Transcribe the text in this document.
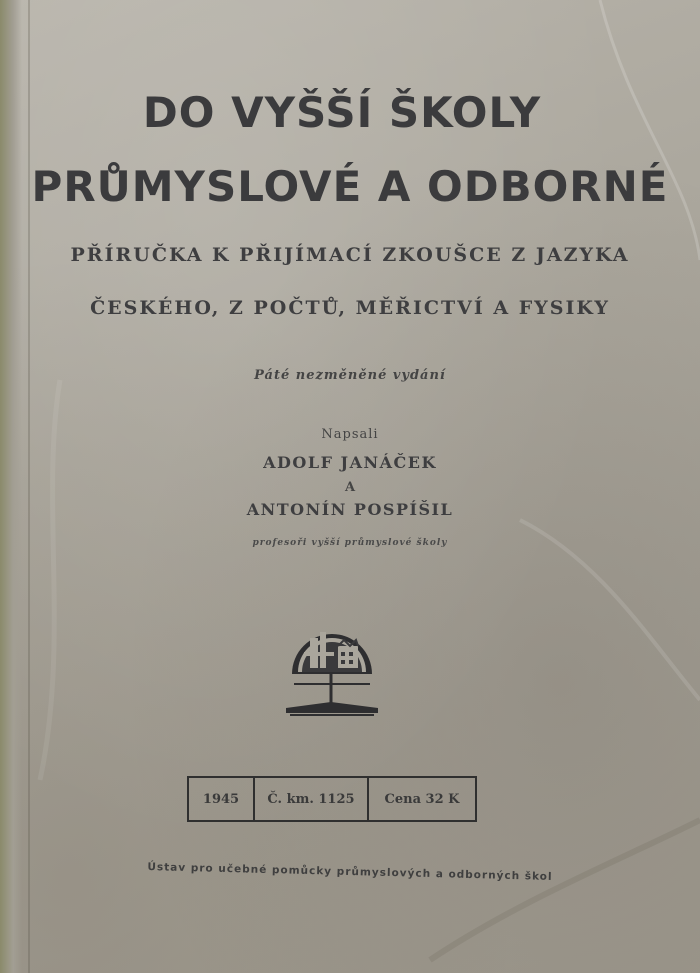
DO VYŠŠÍ ŠKOLY
PRŮMYSLOVÉ A ODBORNÉ
PŘÍRUČKA K PŘIJÍMACÍ ZKOUŠCE Z JAZYKA
ČESKÉHO, Z POČTŮ, MĚŘICTVÍ A FYSIKY
Páté nezměněné vydání
Napsali
ADOLF JANÁČEK
A
ANTONÍN POSPÍŠIL
profesoři vyšší průmyslové školy
1945	Č. km. 1125	Cena 32 K
Ústav pro učebné pomůcky průmyslových a odborných škol
